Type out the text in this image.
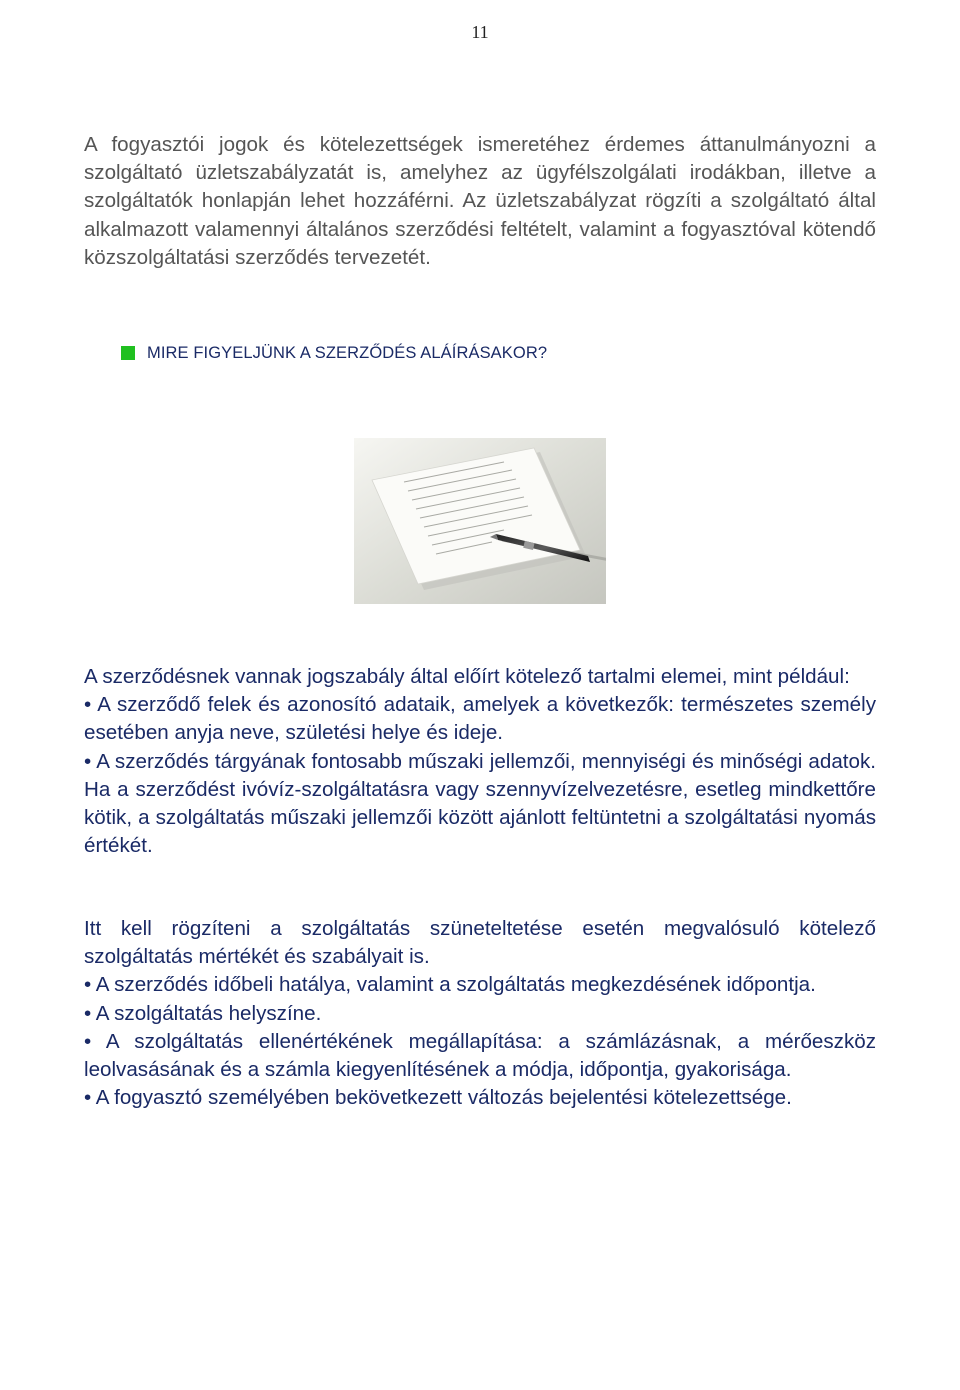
11
A fogyasztói jogok és kötelezettségek ismeretéhez érdemes áttanulmányozni a szolgáltató üzletszabályzatát is, amelyhez az ügyfélszolgálati irodákban, illetve a szolgáltatók honlapján lehet hozzáférni. Az üzletszabályzat rögzíti a szolgáltató által alkalmazott valamennyi általános szerződési feltételt, valamint a fogyasztóval kötendő közszolgáltatási szerződés tervezetét.
MIRE FIGYELJÜNK A SZERZŐDÉS ALÁÍRÁSAKOR?
A szerződésnek vannak jogszabály által előírt kötelező tartalmi elemei, mint például:
• A szerződő felek és azonosító adataik, amelyek a következők: természetes személy esetében anyja neve, születési helye és ideje.
• A szerződés tárgyának fontosabb műszaki jellemzői, mennyiségi és minőségi adatok. Ha a szerződést ivóvíz-szolgáltatásra vagy szennyvízelvezetésre, esetleg mindkettőre kötik, a szolgáltatás műszaki jellemzői között ajánlott feltüntetni a szolgáltatási nyomás értékét.
Itt kell rögzíteni a szolgáltatás szüneteltetése esetén megvalósuló kötelező szolgáltatás mértékét és szabályait is.
• A szerződés időbeli hatálya, valamint a szolgáltatás megkezdésének időpontja.
• A szolgáltatás helyszíne.
• A szolgáltatás ellenértékének megállapítása: a számlázásnak, a mérőeszköz leolvasásának és a számla kiegyenlítésének a módja, időpontja, gyakorisága.
• A fogyasztó személyében bekövetkezett változás bejelentési kötelezettsége.
